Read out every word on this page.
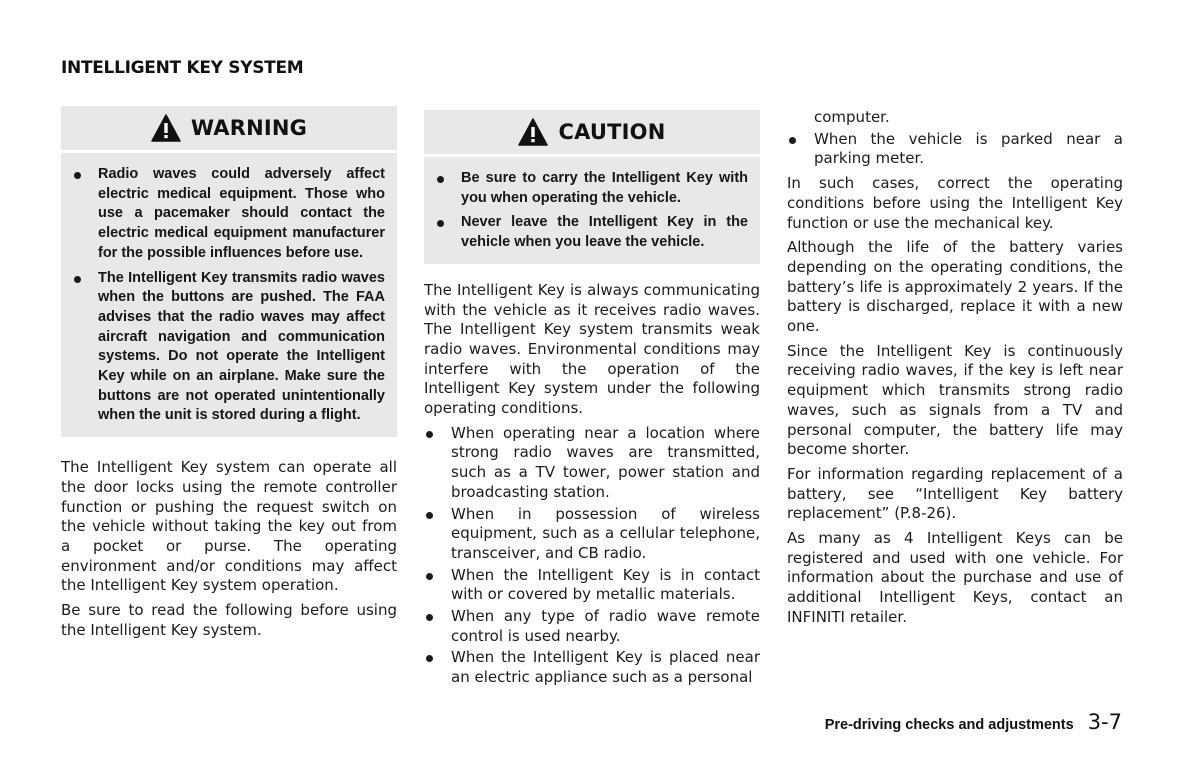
INTELLIGENT KEY SYSTEM
WARNING
Radio waves could adversely affect electric medical equipment. Those who use a pacemaker should contact the electric medical equipment manufacturer for the possible influences before use.
The Intelligent Key transmits radio waves when the buttons are pushed. The FAA advises that the radio waves may affect aircraft navigation and communication systems. Do not operate the Intelligent Key while on an airplane. Make sure the buttons are not operated unintentionally when the unit is stored during a flight.

The Intelligent Key system can operate all the door locks using the remote controller function or pushing the request switch on the vehicle without taking the key out from a pocket or purse. The operating environment and/or conditions may affect the Intelligent Key system operation.

Be sure to read the following before using the Intelligent Key system.

CAUTION
Be sure to carry the Intelligent Key with you when operating the vehicle.
Never leave the Intelligent Key in the vehicle when you leave the vehicle.

The Intelligent Key is always communicating with the vehicle as it receives radio waves. The Intelligent Key system transmits weak radio waves. Environmental conditions may interfere with the operation of the Intelligent Key system under the following operating conditions.

When operating near a location where strong radio waves are transmitted, such as a TV tower, power station and broadcasting station.
When in possession of wireless equipment, such as a cellular telephone, transceiver, and CB radio.
When the Intelligent Key is in contact with or covered by metallic materials.
When any type of radio wave remote control is used nearby.
When the Intelligent Key is placed near an electric appliance such as a personal
computer.
When the vehicle is parked near a parking meter.

In such cases, correct the operating conditions before using the Intelligent Key function or use the mechanical key.

Although the life of the battery varies depending on the operating conditions, the battery’s life is approximately 2 years. If the battery is discharged, replace it with a new one.

Since the Intelligent Key is continuously receiving radio waves, if the key is left near equipment which transmits strong radio waves, such as signals from a TV and personal computer, the battery life may become shorter.

For information regarding replacement of a battery, see “Intelligent Key battery replacement” (P.8-26).

As many as 4 Intelligent Keys can be registered and used with one vehicle. For information about the purchase and use of additional Intelligent Keys, contact an INFINITI retailer.

Pre-driving checks and adjustments 3-7
